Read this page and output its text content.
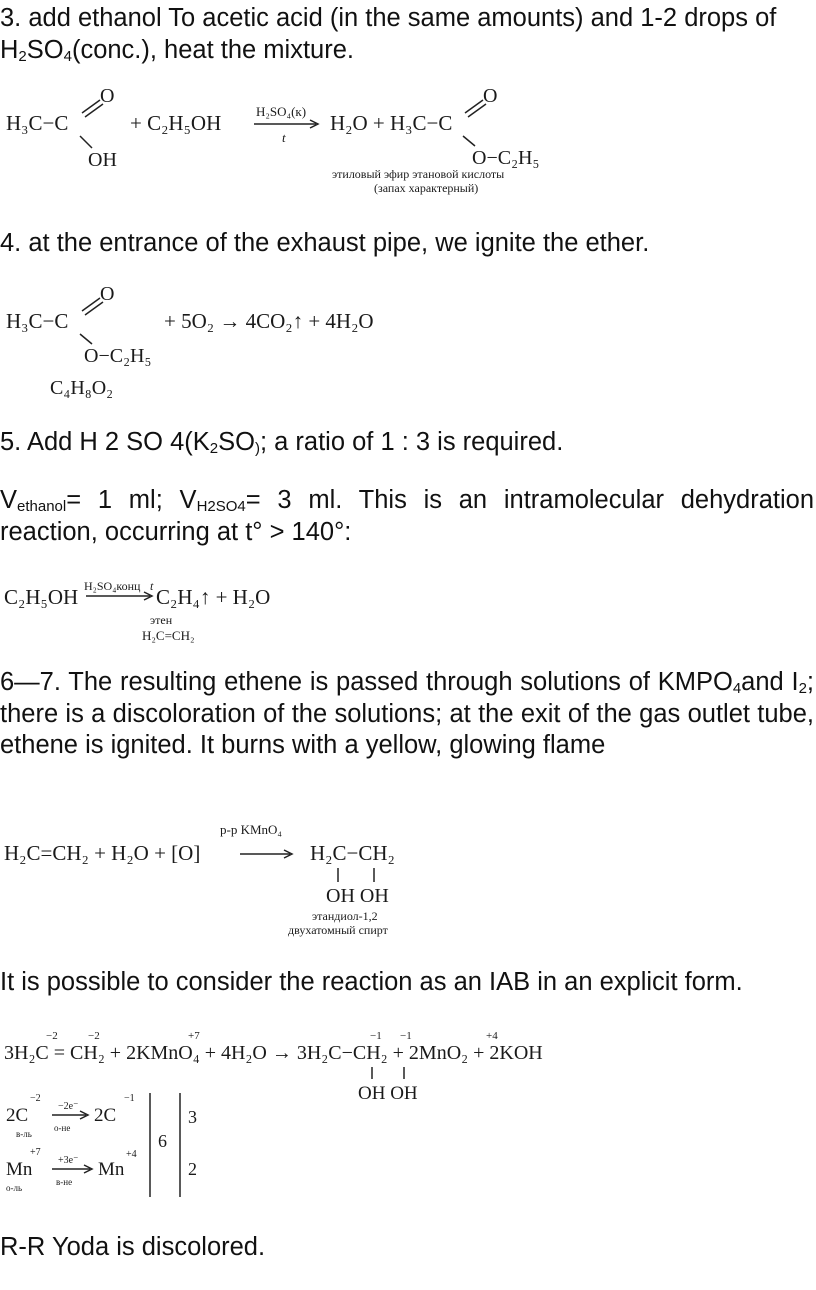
3. add ethanol To acetic acid (in the same amounts) and 1-2 drops of $H_2SO_4(conc.)$, heat the mixture.

H₃C−C
O
OH
+ C₂H₅OH	H₂SO₄(к)
t
H₂O + H₃C−C
O
O−C₂H₅
этиловый эфир этановой кислоты
(запах характерный)

4. at the entrance of the exhaust pipe, we ignite the ether.

H₃C−C
O
O−C₂H₅
+ 5O₂ → 4CO₂↑ + 4H₂O
C₄H₈O₂

5. Add H 2 SO $4(K_2SO_)$; a ratio of 1 : 3 is required.

$V_{ethanol}= 1$ ml; $V_{H2SO4}= 3$ ml. This is an intramolecular dehydration reaction, occurring at t° > 140°:

C₂H₅OH H₂SO₄конц t C₂H₄↑ + H₂O
этен
H₂C=CH₂

6—7. The resulting ethene is passed through solutions of $KMPO_4and$ $I_2$; there is a discoloration of the solutions; at the exit of the gas outlet tube, ethene is ignited. It burns with a yellow, glowing flame

H₂C=CH₂ + H₂O + [O]
р-р KMnO₄
H₂C−CH₂
OH OH
этандиол-1,2
двухатомный спирт

It is possible to consider the reaction as an IAB in an explicit form.

−2	−2	+7	−1 −1	+4
3H₂C = CH₂ + 2KMnO₄ + 4H₂O → 3H₂C−CH₂ + 2MnO₂ + 2KOH
OH OH
−2
2C	−2e⁻
−1
2C
в-ль
о-не
+7
Mn	+3e⁻
+4
Mn
о-ль
в-не
6
3
2

R-R Yoda is discolored.
